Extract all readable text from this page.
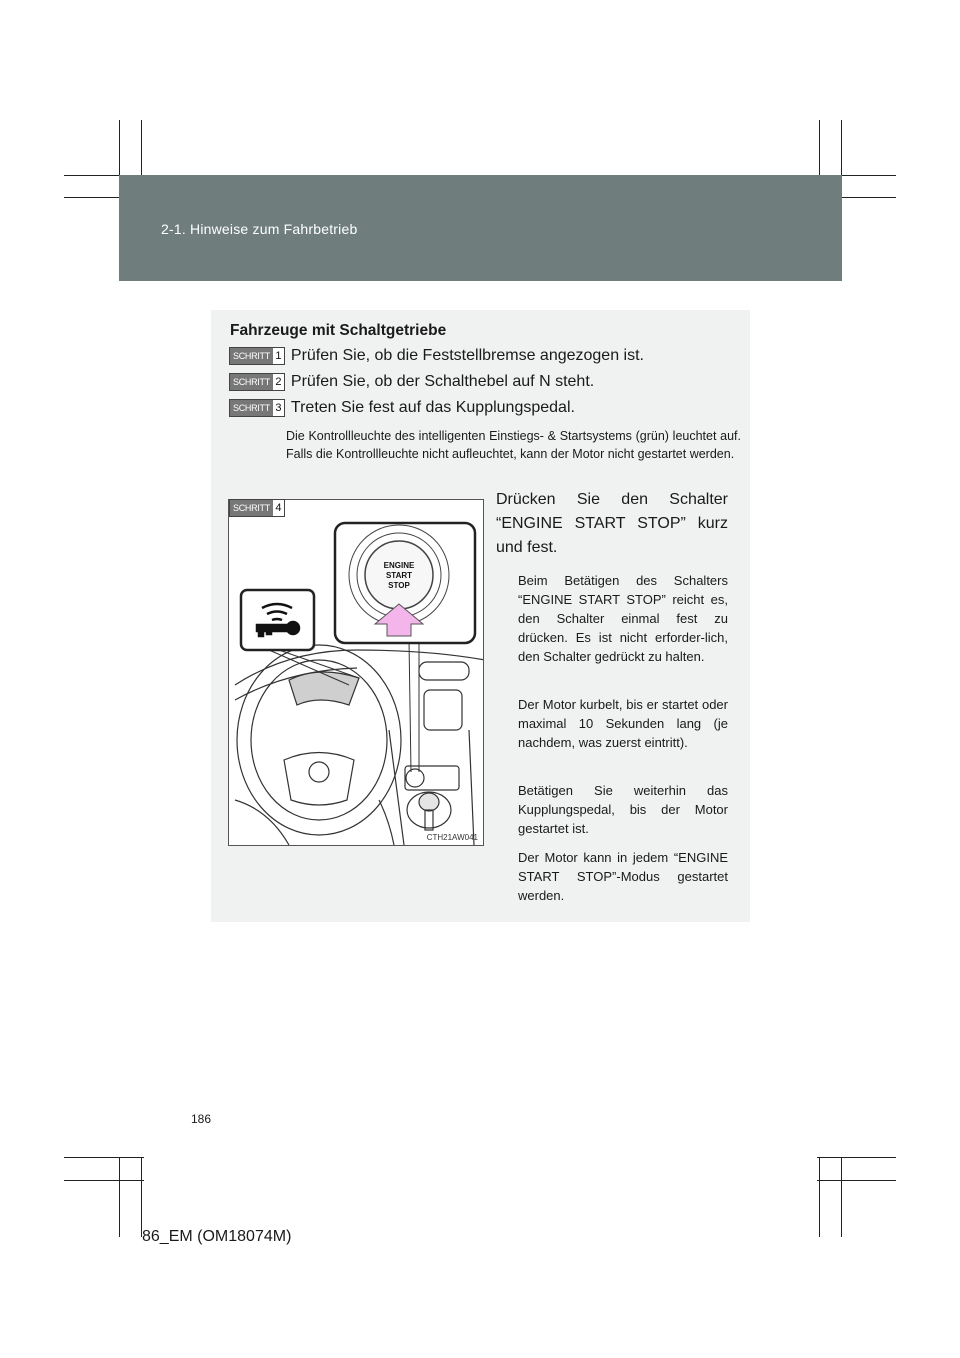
2-1. Hinweise zum Fahrbetrieb
Fahrzeuge mit Schaltgetriebe
SCHRITT 1 Prüfen Sie, ob die Feststellbremse angezogen ist.
SCHRITT 2 Prüfen Sie, ob der Schalthebel auf N steht.
SCHRITT 3 Treten Sie fest auf das Kupplungspedal.
Die Kontrollleuchte des intelligenten Einstiegs- & Startsystems (grün) leuchtet auf. Falls die Kontrollleuchte nicht aufleuchtet, kann der Motor nicht gestartet werden.
ENGINE
START
STOP
CTH21AW041
SCHRITT 4	Drücken Sie den Schalter “ENGINE START STOP” kurz und fest.
Beim Betätigen des Schalters “ENGINE START STOP” reicht es, den Schalter einmal fest zu drücken. Es ist nicht erforder-lich, den Schalter gedrückt zu halten.
Der Motor kurbelt, bis er startet oder maximal 10 Sekunden lang (je nachdem, was zuerst eintritt).
Betätigen Sie weiterhin das Kupplungspedal, bis der Motor gestartet ist.
Der Motor kann in jedem “ENGINE START STOP”-Modus gestartet werden.
186
86_EM (OM18074M)
